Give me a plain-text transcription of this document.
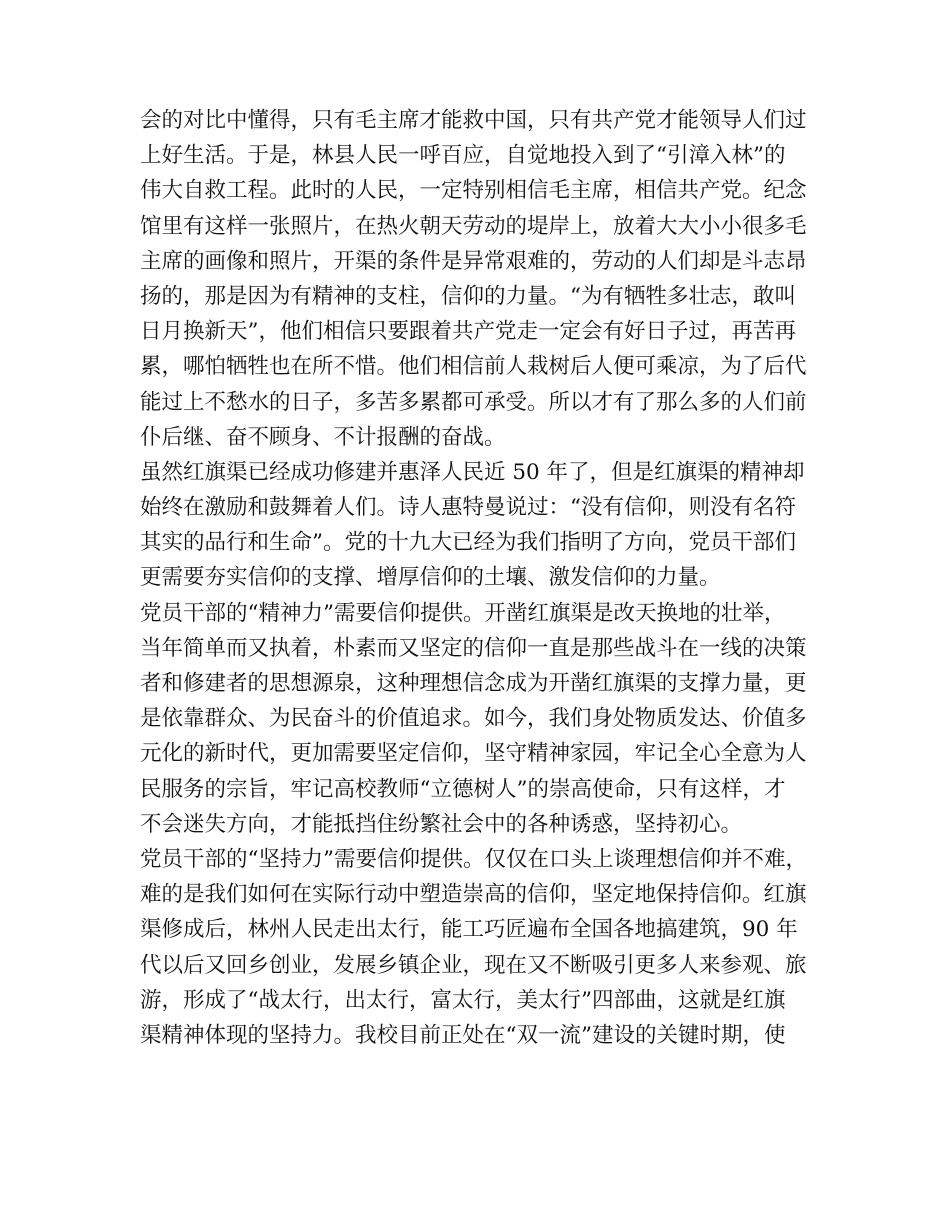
会的对比中懂得，只有毛主席才能救中国，只有共产党才能领导人们过
上好生活。于是，林县人民一呼百应，自觉地投入到了“引漳入林”的
伟大自救工程。此时的人民，一定特别相信毛主席，相信共产党。纪念
馆里有这样一张照片，在热火朝天劳动的堤岸上，放着大大小小很多毛
主席的画像和照片，开渠的条件是异常艰难的，劳动的人们却是斗志昂
扬的，那是因为有精神的支柱，信仰的力量。“为有牺牲多壮志，敢叫
日月换新天”，他们相信只要跟着共产党走一定会有好日子过，再苦再
累，哪怕牺牲也在所不惜。他们相信前人栽树后人便可乘凉，为了后代
能过上不愁水的日子，多苦多累都可承受。所以才有了那么多的人们前
仆后继、奋不顾身、不计报酬的奋战。
虽然红旗渠已经成功修建并惠泽人民近 50 年了，但是红旗渠的精神却
始终在激励和鼓舞着人们。诗人惠特曼说过：“没有信仰，则没有名符
其实的品行和生命”。党的十九大已经为我们指明了方向，党员干部们
更需要夯实信仰的支撑、增厚信仰的土壤、激发信仰的力量。
党员干部的“精神力”需要信仰提供。开凿红旗渠是改天换地的壮举，
当年简单而又执着，朴素而又坚定的信仰一直是那些战斗在一线的决策
者和修建者的思想源泉，这种理想信念成为开凿红旗渠的支撑力量，更
是依靠群众、为民奋斗的价值追求。如今，我们身处物质发达、价值多
元化的新时代，更加需要坚定信仰，坚守精神家园，牢记全心全意为人
民服务的宗旨，牢记高校教师“立德树人”的崇高使命，只有这样，才
不会迷失方向，才能抵挡住纷繁社会中的各种诱惑，坚持初心。
党员干部的“坚持力”需要信仰提供。仅仅在口头上谈理想信仰并不难，
难的是我们如何在实际行动中塑造崇高的信仰，坚定地保持信仰。红旗
渠修成后，林州人民走出太行，能工巧匠遍布全国各地搞建筑，90 年
代以后又回乡创业，发展乡镇企业，现在又不断吸引更多人来参观、旅
游，形成了“战太行，出太行，富太行，美太行”四部曲，这就是红旗
渠精神体现的坚持力。我校目前正处在“双一流”建设的关键时期，使
